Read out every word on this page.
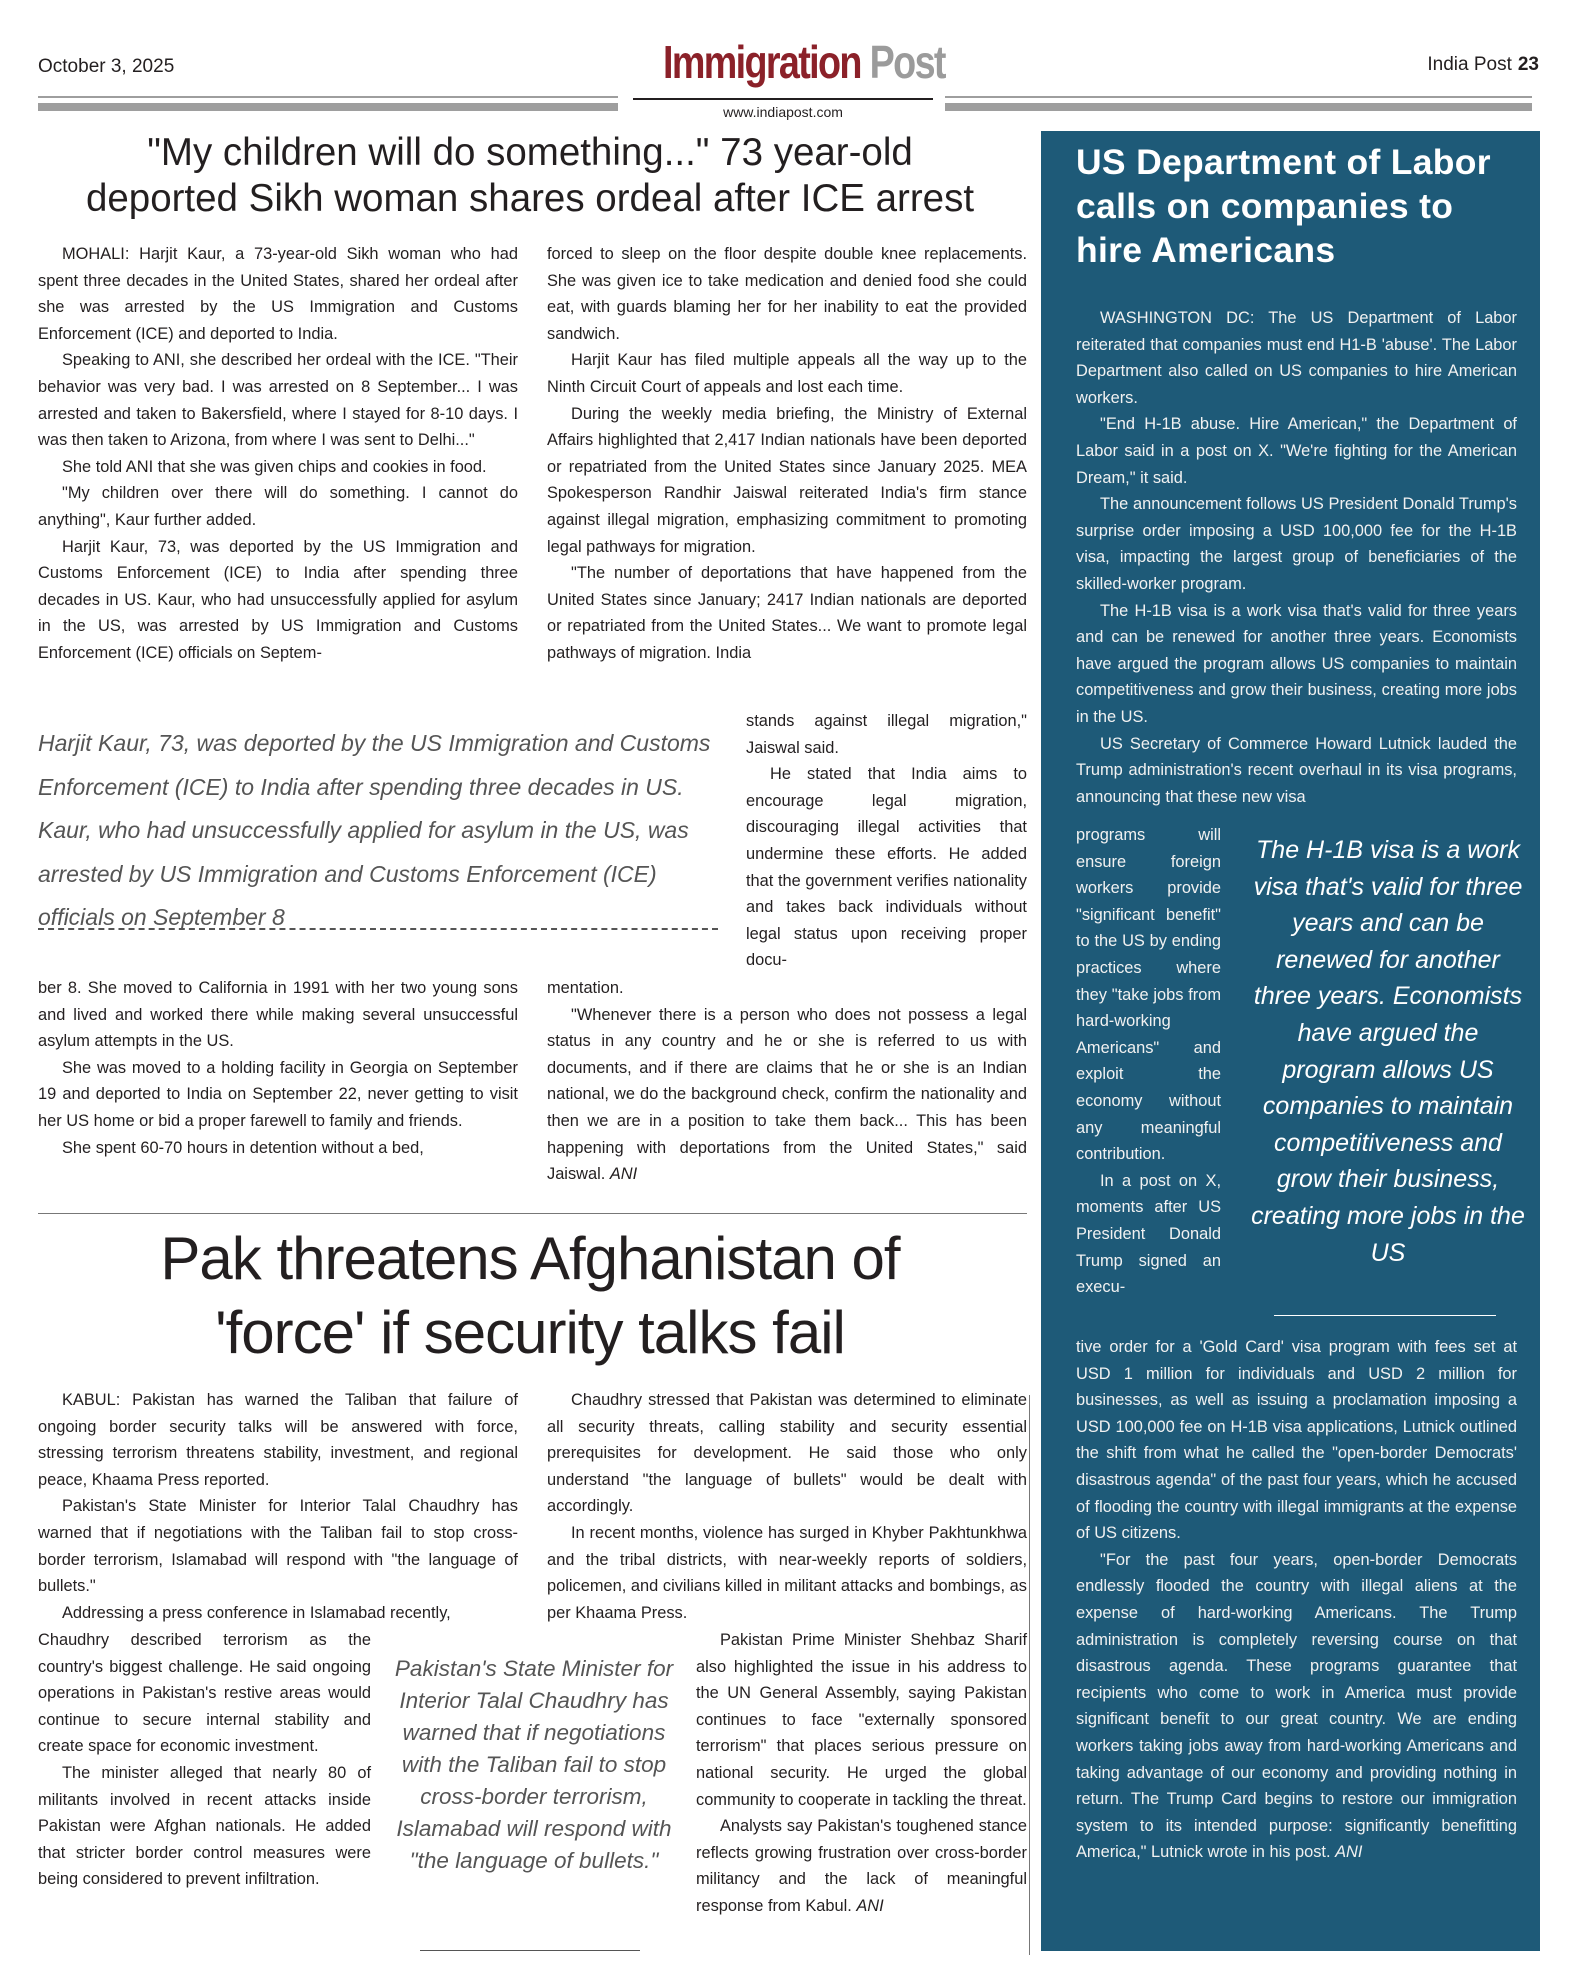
October 3, 2025	Immigration Post	India Post 23
www.indiapost.com
"My children will do something..." 73 year-old
deported Sikh woman shares ordeal after ICE arrest

MOHALI: Harjit Kaur, a 73-year-old Sikh woman who had spent three decades in the United States, shared her ordeal after she was arrested by the US Immigration and Customs Enforcement (ICE) and deported to India.

Speaking to ANI, she described her ordeal with the ICE. "Their behavior was very bad. I was arrested on 8 September... I was arrested and taken to Bakersfield, where I stayed for 8-10 days. I was then taken to Arizona, from where I was sent to Delhi..."

She told ANI that she was given chips and cookies in food.

"My children over there will do something. I cannot do anything", Kaur further added.

Harjit Kaur, 73, was deported by the US Immigration and Customs Enforcement (ICE) to India after spending three decades in US. Kaur, who had unsuccessfully applied for asylum in the US, was arrested by US Immigration and Customs Enforcement (ICE) officials on Septem-

forced to sleep on the floor despite double knee replacements. She was given ice to take medication and denied food she could eat, with guards blaming her for her inability to eat the provided sandwich.

Harjit Kaur has filed multiple appeals all the way up to the Ninth Circuit Court of appeals and lost each time.

During the weekly media briefing, the Ministry of External Affairs highlighted that 2,417 Indian nationals have been deported or repatriated from the United States since January 2025. MEA Spokesperson Randhir Jaiswal reiterated India's firm stance against illegal migration, emphasizing commitment to promoting legal pathways for migration.

"The number of deportations that have happened from the United States since January; 2417 Indian nationals are deported or repatriated from the United States... We want to promote legal pathways of migration. India

Harjit Kaur, 73, was deported by the US Immigration and Customs Enforcement (ICE) to India after spending three decades in US. Kaur, who had unsuccessfully applied for asylum in the US, was arrested by US Immigration and Customs Enforcement (ICE) officials on September 8

stands against illegal migration," Jaiswal said.

He stated that India aims to encourage legal migration, discouraging illegal activities that undermine these efforts. He added that the government verifies nationality and takes back individuals without legal status upon receiving proper docu-

ber 8. She moved to California in 1991 with her two young sons and lived and worked there while making several unsuccessful asylum attempts in the US.

She was moved to a holding facility in Georgia on September 19 and deported to India on September 22, never getting to visit her US home or bid a proper farewell to family and friends.

She spent 60-70 hours in detention without a bed,

mentation.

"Whenever there is a person who does not possess a legal status in any country and he or she is referred to us with documents, and if there are claims that he or she is an Indian national, we do the background check, confirm the nationality and then we are in a position to take them back... This has been happening with deportations from the United States," said Jaiswal. ANI

Pak threatens Afghanistan of
'force' if security talks fail

KABUL: Pakistan has warned the Taliban that failure of ongoing border security talks will be answered with force, stressing terrorism threatens stability, investment, and regional peace, Khaama Press reported.

Pakistan's State Minister for Interior Talal Chaudhry has warned that if negotiations with the Taliban fail to stop cross-border terrorism, Islamabad will respond with "the language of bullets."

Addressing a press conference in Islamabad recently,

Chaudhry described terrorism as the country's biggest challenge. He said ongoing operations in Pakistan's restive areas would continue to secure internal stability and create space for economic investment.

The minister alleged that nearly 80 of militants involved in recent attacks inside Pakistan were Afghan nationals. He added that stricter border control measures were being considered to prevent infiltration.

Pakistan's State Minister for Interior Talal Chaudhry has warned that if negotiations with the Taliban fail to stop cross-border terrorism, Islamabad will respond with "the language of bullets."

Chaudhry stressed that Pakistan was determined to eliminate all security threats, calling stability and security essential prerequisites for development. He said those who only understand "the language of bullets" would be dealt with accordingly.

In recent months, violence has surged in Khyber Pakhtunkhwa and the tribal districts, with near-weekly reports of soldiers, policemen, and civilians killed in militant attacks and bombings, as per Khaama Press.

Pakistan Prime Minister Shehbaz Sharif also highlighted the issue in his address to the UN General Assembly, saying Pakistan continues to face "externally sponsored terrorism" that places serious pressure on national security. He urged the global community to cooperate in tackling the threat.

Analysts say Pakistan's toughened stance reflects growing frustration over cross-border militancy and the lack of meaningful response from Kabul. ANI

US Department of Labor calls on companies to hire Americans

WASHINGTON DC: The US Department of Labor reiterated that companies must end H1-B 'abuse'. The Labor Department also called on US companies to hire American workers.

"End H-1B abuse. Hire American," the Department of Labor said in a post on X. "We're fighting for the American Dream," it said.

The announcement follows US President Donald Trump's surprise order imposing a USD 100,000 fee for the H-1B visa, impacting the largest group of beneficiaries of the skilled-worker program.

The H-1B visa is a work visa that's valid for three years and can be renewed for another three years. Economists have argued the program allows US companies to maintain competitiveness and grow their business, creating more jobs in the US.

US Secretary of Commerce Howard Lutnick lauded the Trump administration's recent overhaul in its visa programs, announcing that these new visa

programs will ensure foreign workers provide "significant benefit" to the US by ending practices where they "take jobs from hard-working Americans" and exploit the economy without any meaningful contribution.

In a post on X, moments after US President Donald Trump signed an execu-

The H-1B visa is a work visa that's valid for three years and can be renewed for another three years. Economists have argued the program allows US companies to maintain competitiveness and grow their business, creating more jobs in the US

tive order for a 'Gold Card' visa program with fees set at USD 1 million for individuals and USD 2 million for businesses, as well as issuing a proclamation imposing a USD 100,000 fee on H-1B visa applications, Lutnick outlined the shift from what he called the "open-border Democrats' disastrous agenda" of the past four years, which he accused of flooding the country with illegal immigrants at the expense of US citizens.

"For the past four years, open-border Democrats endlessly flooded the country with illegal aliens at the expense of hard-working Americans. The Trump administration is completely reversing course on that disastrous agenda. These programs guarantee that recipients who come to work in America must provide significant benefit to our great country. We are ending workers taking jobs away from hard-working Americans and taking advantage of our economy and providing nothing in return. The Trump Card begins to restore our immigration system to its intended purpose: significantly benefitting America," Lutnick wrote in his post. ANI
